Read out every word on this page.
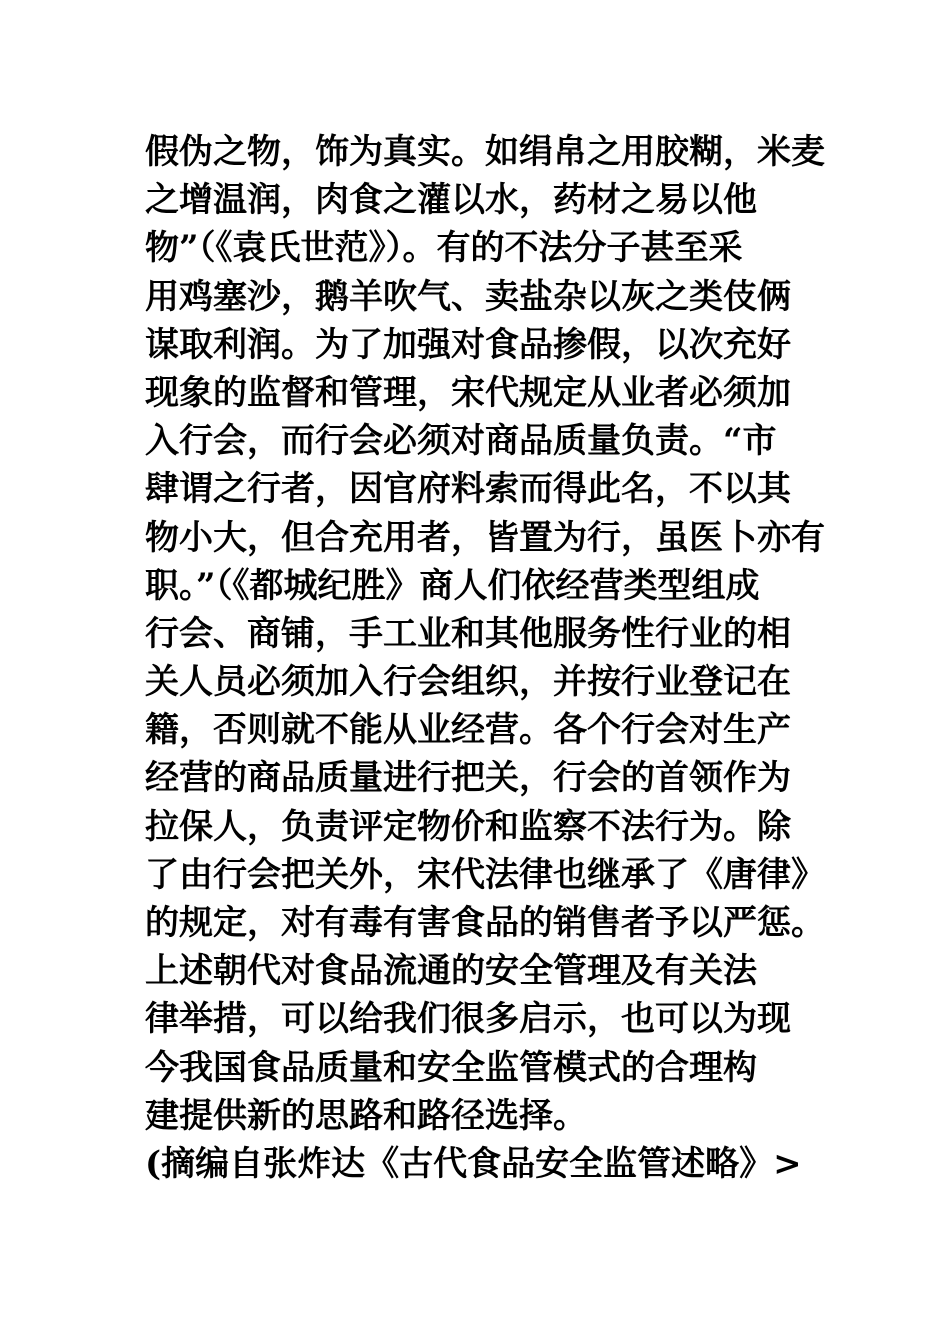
假伪之物，饰为真实。如绢帛之用胶糊，米麦
之增温润，肉食之灌以水，药材之易以他
物”（《袁氏世范》）。有的不法分子甚至采
用鸡塞沙，鹅羊吹气、卖盐杂以灰之类伎俩
谋取利润。为了加强对食品掺假，以次充好
现象的监督和管理，宋代规定从业者必须加
入行会，而行会必须对商品质量负责。“市
肆谓之行者，因官府料索而得此名，不以其
物小大，但合充用者，皆置为行，虽医卜亦有
职。”（《都城纪胜》商人们依经营类型组成
行会、商铺，手工业和其他服务性行业的相
关人员必须加入行会组织，并按行业登记在
籍，否则就不能从业经营。各个行会对生产
经营的商品质量进行把关，行会的首领作为
拉保人，负责评定物价和监察不法行为。除
了由行会把关外，宋代法律也继承了《唐律》
的规定，对有毒有害食品的销售者予以严惩。
上述朝代对食品流通的安全管理及有关法
律举措，可以给我们很多启示，也可以为现
今我国食品质量和安全监管模式的合理构
建提供新的思路和路径选择。
(摘编自张炸达《古代食品安全监管述略》>
